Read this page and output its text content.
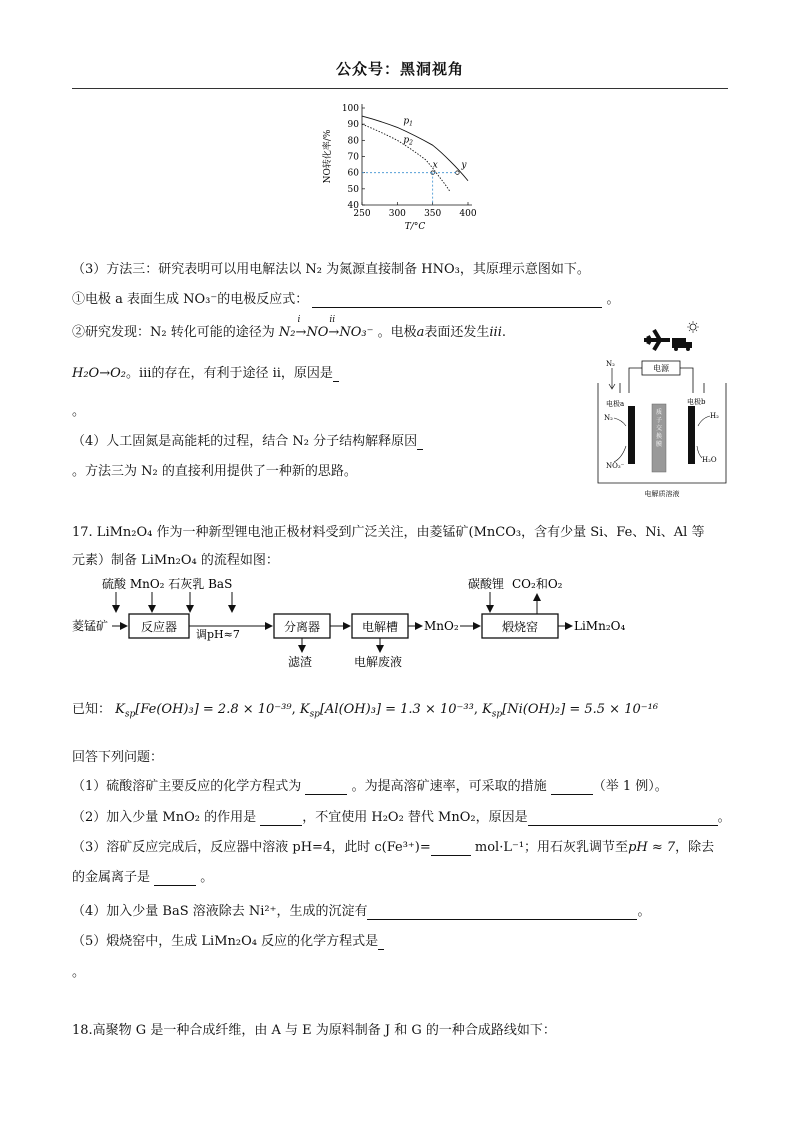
公众号：黑洞视角
250 300 350 400
40
50
60
70
80
90
100
T/°C
NO转化率/%
$p_1$
$p_2$
x	y
（3）方法三：研究表明可以用电解法以 N₂ 为氮源直接制备 HNO₃，其原理示意图如下。
①电极 a 表面生成 NO₃⁻的电极反应式：	。
②研究发现：N₂ 转化可能的途径为 N₂→
i
NO→
ii
NO₃⁻ 。电极a表面还发生iii.
H₂O→O₂。iii的存在，有利于途径 ii，原因是
。
（4）人工固氮是高能耗的过程，结合 N₂ 分子结构解释原因
。方法三为 N₂ 的直接利用提供了一种新的思路。
电源
N₂
质子交换膜
电极a	电极b
N₂
NO₃⁻
H₂
H₂O
电解质溶液
17. LiMn₂O₄ 作为一种新型锂电池正极材料受到广泛关注，由菱锰矿(MnCO₃，含有少量 Si、Fe、Ni、Al 等
元素）制备 LiMn₂O₄ 的流程如图：
硫酸 MnO₂ 石灰乳 BaS
菱锰矿	反应器
调pH≈7
分离器
滤渣
电解槽
电解废液
MnO₂
碳酸锂 CO₂和O₂
煅烧窑	LiMn₂O₄
已知： $K_{sp}[Fe(OH)_3] = 2.8 \times 10^{-39}$, $K_{sp}[Al(OH)_3] = 1.3 \times 10^{-33}$, $K_{sp}[Ni(OH)_2] = 5.5 \times 10^{-16}$
回答下列问题：
（1）硫酸溶矿主要反应的化学方程式为	。为提高溶矿速率，可采取的措施	（举 1 例）。
（2）加入少量 MnO₂ 的作用是	，不宜使用 H₂O₂ 替代 MnO₂，原因是	。
（3）溶矿反应完成后，反应器中溶液 pH=4，此时 c(Fe³⁺)=	mol·L⁻¹；用石灰乳调节至pH ≈ 7，除去
的金属离子是	。
（4）加入少量 BaS 溶液除去 Ni²⁺，生成的沉淀有	。
（5）煅烧窑中，生成 LiMn₂O₄ 反应的化学方程式是
。
18.高聚物 G 是一种合成纤维，由 A 与 E 为原料制备 J 和 G 的一种合成路线如下：
